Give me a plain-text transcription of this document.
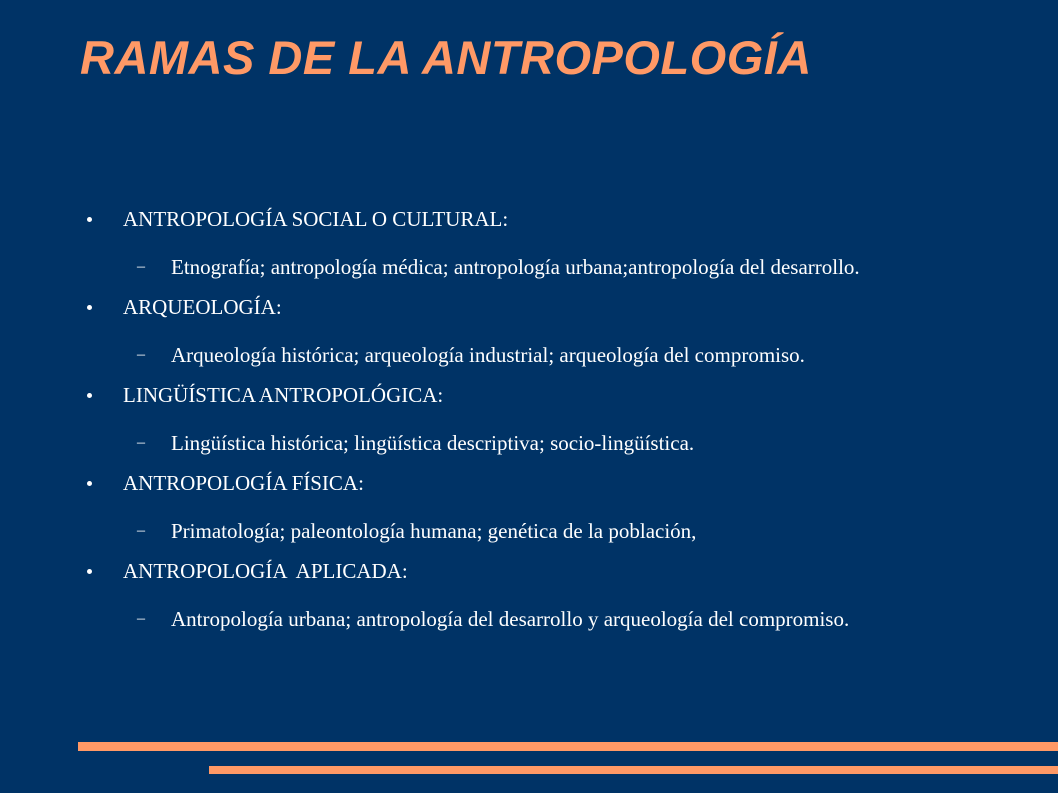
RAMAS DE LA ANTROPOLOGÍA
ANTROPOLOGÍA SOCIAL O CULTURAL:
– Etnografía; antropología médica; antropología urbana;antropología del desarrollo.
ARQUEOLOGÍA:
– Arqueología histórica; arqueología industrial; arqueología del compromiso.
LINGÜÍSTICA ANTROPOLÓGICA:
– Lingüística histórica; lingüística descriptiva; socio-lingüística.
ANTROPOLOGÍA FÍSICA:
– Primatología; paleontología humana; genética de la población,
ANTROPOLOGÍA  APLICADA:
– Antropología urbana; antropología del desarrollo y arqueología del compromiso.
